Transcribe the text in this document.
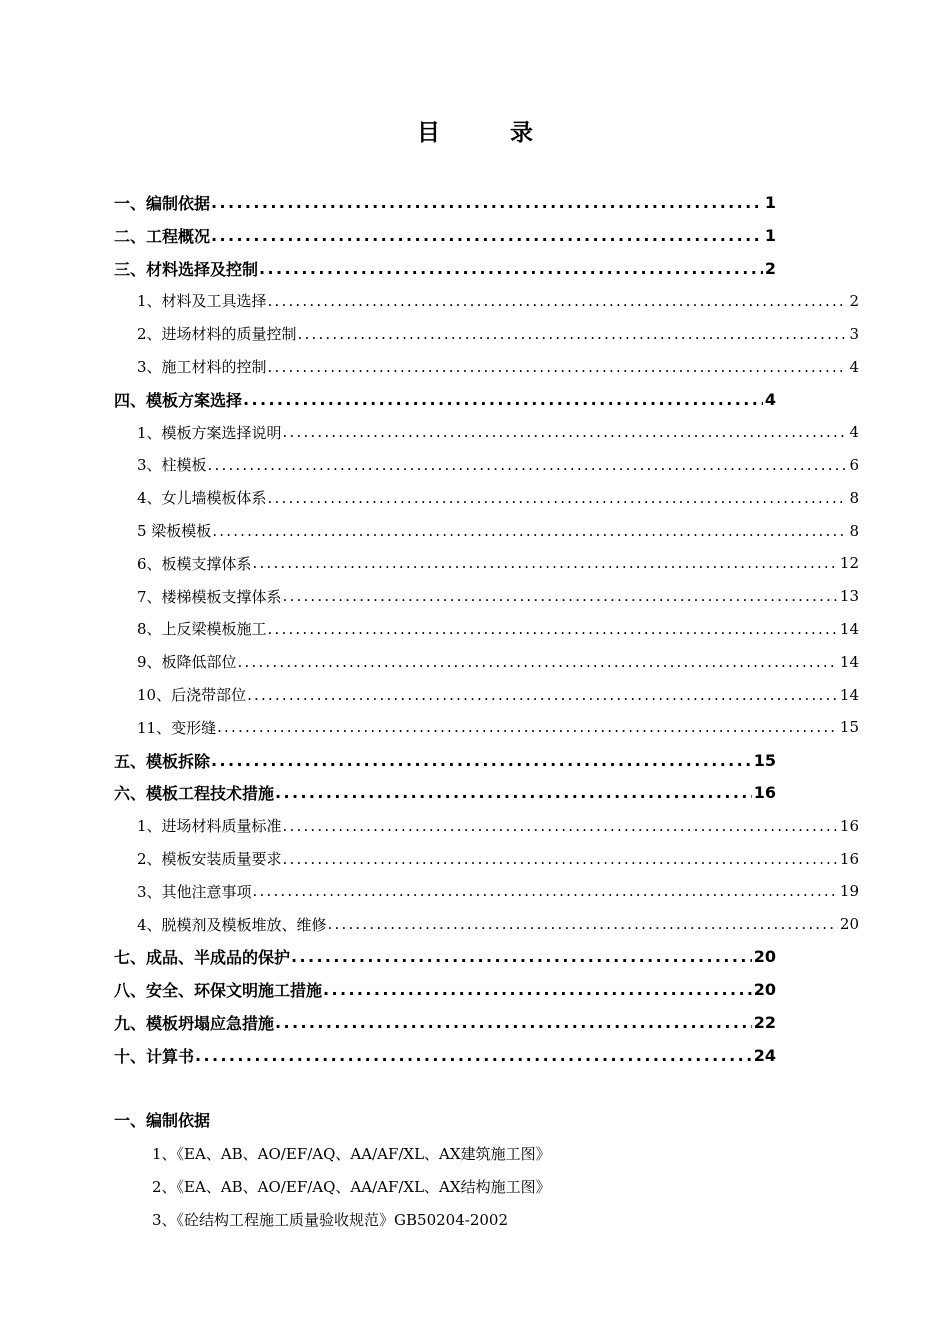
目	录
一、编制依据 .....	1
二、工程概况 .....	1
三、材料选择及控制 .....	2
1、材料及工具选择 .....	2
2、进场材料的质量控制 .....	3
3、施工材料的控制 .....	4
四、模板方案选择 .....	4
1、模板方案选择说明 .....	4
3、柱模板 .....	6
4、女儿墙模板体系 .....	8
5 梁板模板 .....	8
6、板模支撑体系 .....	12
7、楼梯模板支撑体系 .....	13
8、上反梁模板施工 .....	14
9、板降低部位 .....	14
10、后浇带部位 .....	14
11、变形缝 .....	15
五、模板拆除 .....	15
六、模板工程技术措施 .....	16
1、进场材料质量标准 .....	16
2、模板安装质量要求 .....	16
3、其他注意事项 .....	19
4、脱模剂及模板堆放、维修 .....	20
七、成品、半成品的保护 .....	20
八、安全、环保文明施工措施 .....	20
九、模板坍塌应急措施 .....	22
十、计算书 .....	24
一、编制依据
1、《EA、AB、AO/EF/AQ、AA/AF/XL、AX建筑施工图》
2、《EA、AB、AO/EF/AQ、AA/AF/XL、AX结构施工图》
3、《砼结构工程施工质量验收规范》GB50204-2002
